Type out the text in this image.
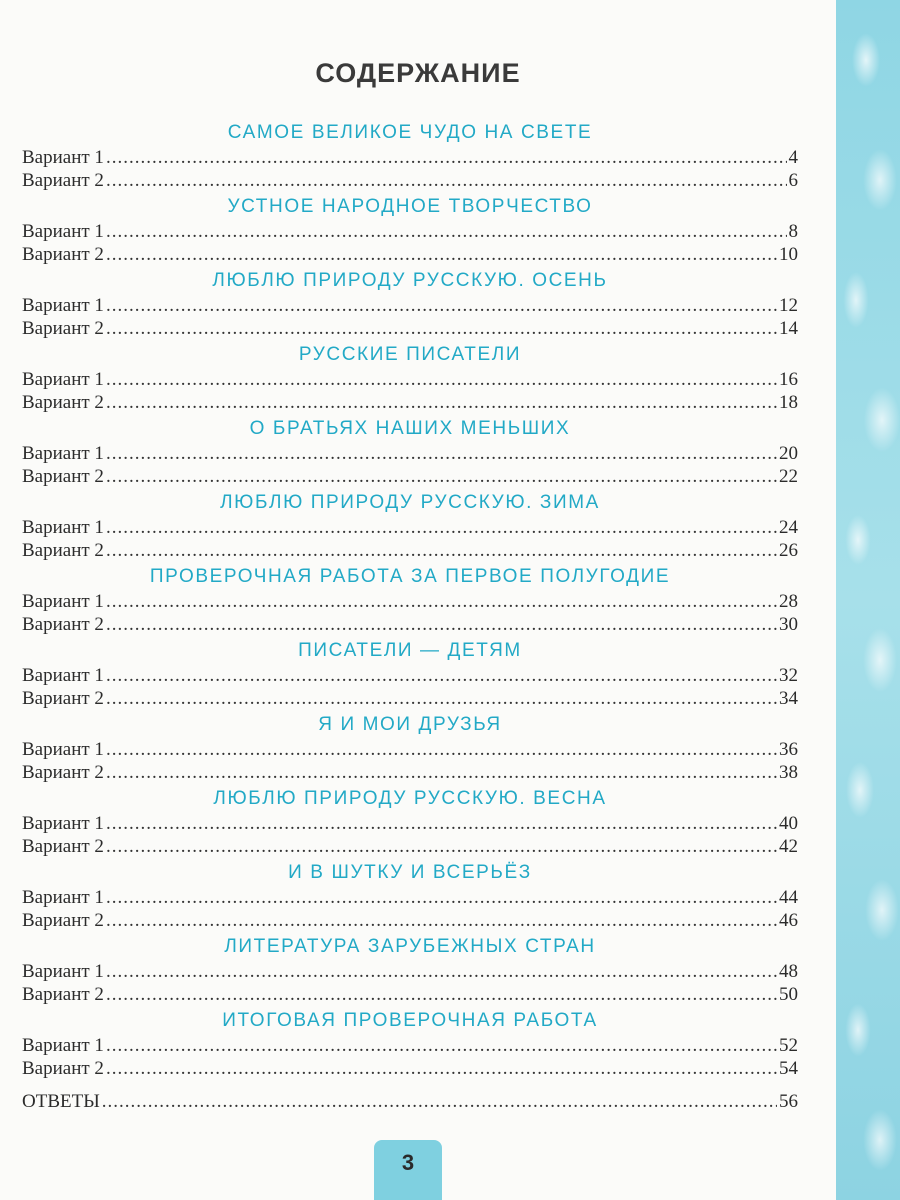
СОДЕРЖАНИЕ
САМОЕ ВЕЛИКОЕ ЧУДО НА СВЕТЕ
Вариант 1 .....	4
Вариант 2 .....	6
УСТНОЕ НАРОДНОЕ ТВОРЧЕСТВО
Вариант 1 .....	8
Вариант 2 .....	10
ЛЮБЛЮ ПРИРОДУ РУССКУЮ. ОСЕНЬ
Вариант 1 .....	12
Вариант 2 .....	14
РУССКИЕ ПИСАТЕЛИ
Вариант 1 .....	16
Вариант 2 .....	18
О БРАТЬЯХ НАШИХ МЕНЬШИХ
Вариант 1 .....	20
Вариант 2 .....	22
ЛЮБЛЮ ПРИРОДУ РУССКУЮ. ЗИМА
Вариант 1 .....	24
Вариант 2 .....	26
ПРОВЕРОЧНАЯ РАБОТА ЗА ПЕРВОЕ ПОЛУГОДИЕ
Вариант 1 .....	28
Вариант 2 .....	30
ПИСАТЕЛИ — ДЕТЯМ
Вариант 1 .....	32
Вариант 2 .....	34
Я И МОИ ДРУЗЬЯ
Вариант 1 .....	36
Вариант 2 .....	38
ЛЮБЛЮ ПРИРОДУ РУССКУЮ. ВЕСНА
Вариант 1 .....	40
Вариант 2 .....	42
И В ШУТКУ И ВСЕРЬЁЗ
Вариант 1 .....	44
Вариант 2 .....	46
ЛИТЕРАТУРА ЗАРУБЕЖНЫХ СТРАН
Вариант 1 .....	48
Вариант 2 .....	50
ИТОГОВАЯ ПРОВЕРОЧНАЯ РАБОТА
Вариант 1 .....	52
Вариант 2 .....	54
ОТВЕТЫ .....	56
3
